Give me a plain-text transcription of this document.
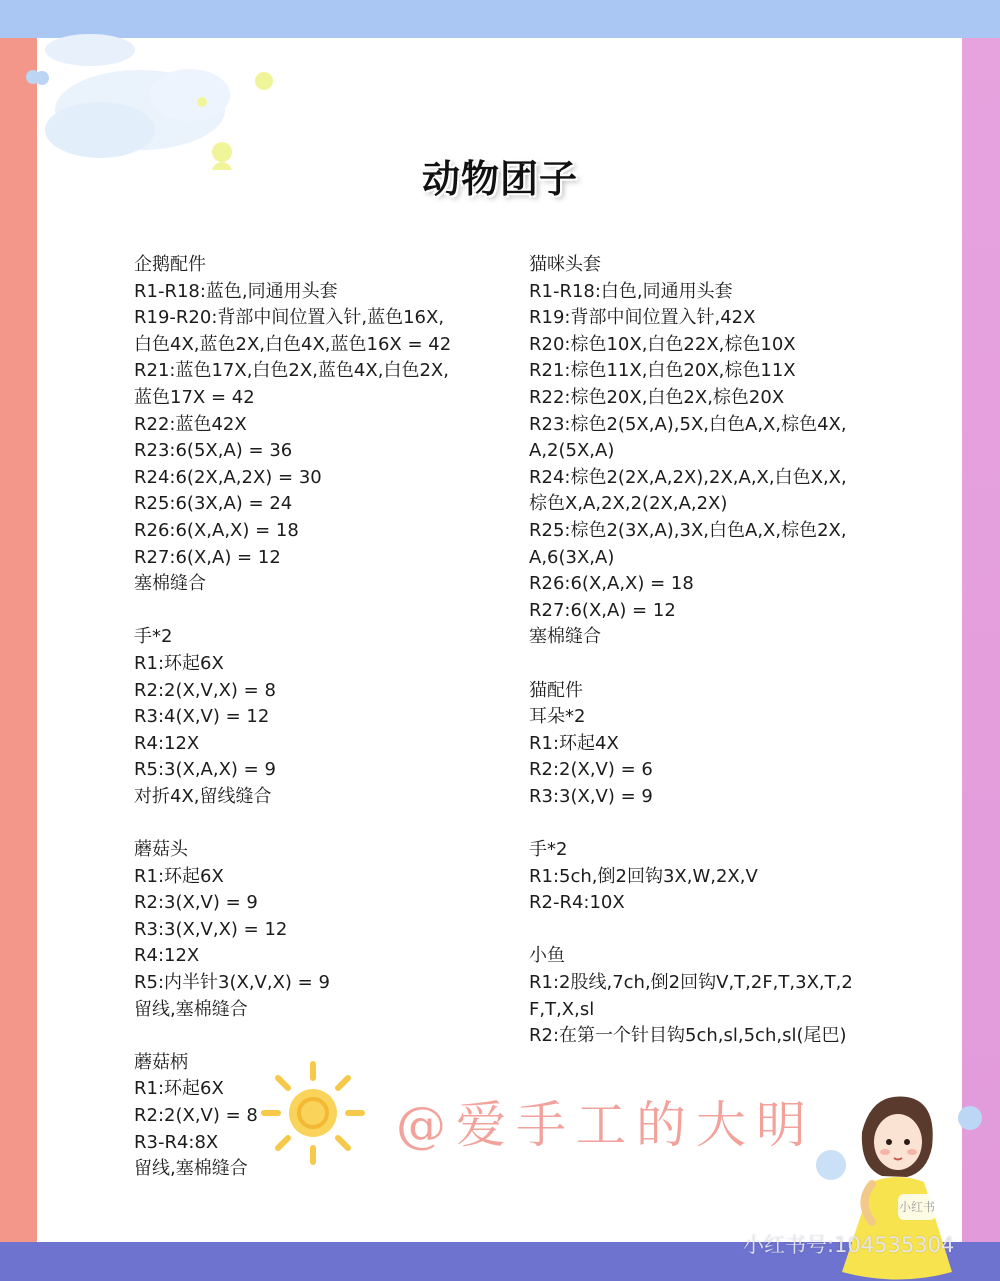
动物团子
企鹅配件
R1-R18:蓝色,同通用头套
R19-R20:背部中间位置入针,蓝色16X,
白色4X,蓝色2X,白色4X,蓝色16X = 42
R21:蓝色17X,白色2X,蓝色4X,白色2X,
蓝色17X = 42
R22:蓝色42X
R23:6(5X,A) = 36
R24:6(2X,A,2X) = 30
R25:6(3X,A) = 24
R26:6(X,A,X) = 18
R27:6(X,A) = 12
塞棉缝合
手*2
R1:环起6X
R2:2(X,V,X) = 8
R3:4(X,V) = 12
R4:12X
R5:3(X,A,X) = 9
对折4X,留线缝合
蘑菇头
R1:环起6X
R2:3(X,V) = 9
R3:3(X,V,X) = 12
R4:12X
R5:内半针3(X,V,X) = 9
留线,塞棉缝合
蘑菇柄
R1:环起6X
R2:2(X,V) = 8
R3-R4:8X
留线,塞棉缝合
猫咪头套
R1-R18:白色,同通用头套
R19:背部中间位置入针,42X
R20:棕色10X,白色22X,棕色10X
R21:棕色11X,白色20X,棕色11X
R22:棕色20X,白色2X,棕色20X
R23:棕色2(5X,A),5X,白色A,X,棕色4X,
A,2(5X,A)
R24:棕色2(2X,A,2X),2X,A,X,白色X,X,
棕色X,A,2X,2(2X,A,2X)
R25:棕色2(3X,A),3X,白色A,X,棕色2X,
A,6(3X,A)
R26:6(X,A,X) = 18
R27:6(X,A) = 12
塞棉缝合
猫配件
耳朵*2
R1:环起4X
R2:2(X,V) = 6
R3:3(X,V) = 9
手*2
R1:5ch,倒2回钩3X,W,2X,V
R2-R4:10X
小鱼
R1:2股线,7ch,倒2回钩V,T,2F,T,3X,T,2
F,T,X,sl
R2:在第一个针目钩5ch,sl,5ch,sl(尾巴)
@爱手工的大明
小红书
小红书号:104535304
